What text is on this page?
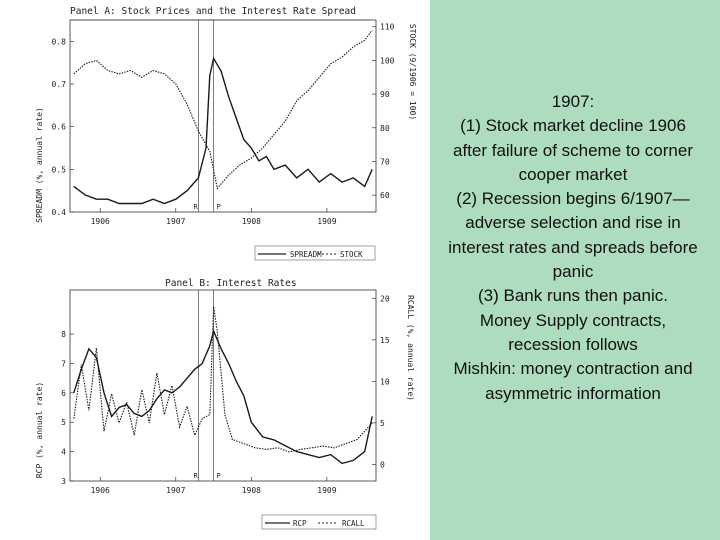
Panel A: Stock Prices and the Interest Rate Spread
0.8
0.7
0.6
0.5
0.4
110
100
90
80
70
60
1906	1907	1908	1909
R	P
SPREADM (%, annual rate)
STOCK (9/1906 = 100)
SPREADM STOCK
Panel B: Interest Rates
8
7
6
5
4
3
20
15
10
5
0
1906	1907	1908	1909
R	P
RCP (%, annual rate)
RCALL (%, annual rate)
RCP	RCALL
1907:
(1) Stock market decline 1906 after failure of scheme to corner cooper market
(2) Recession begins 6/1907—adverse selection and rise in interest rates and spreads before panic
(3) Bank runs then panic.
Money Supply contracts, recession follows
Mishkin: money contraction and asymmetric information
